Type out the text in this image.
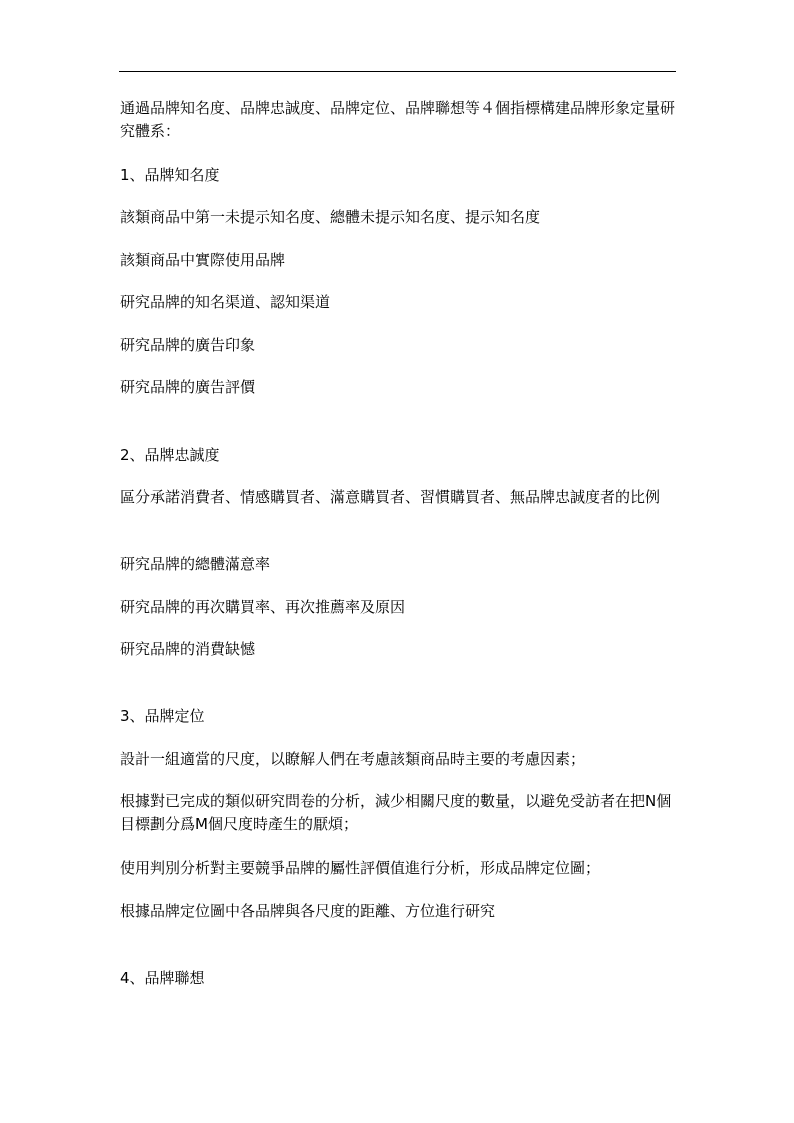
通過品牌知名度、品牌忠誠度、品牌定位、品牌聯想等４個指標構建品牌形象定量研究體系：

1、品牌知名度

該類商品中第一未提示知名度、總體未提示知名度、提示知名度

該類商品中實際使用品牌

研究品牌的知名渠道、認知渠道

研究品牌的廣告印象

研究品牌的廣告評價

2、品牌忠誠度

區分承諾消費者、情感購買者、滿意購買者、習慣購買者、無品牌忠誠度者的比例

研究品牌的總體滿意率

研究品牌的再次購買率、再次推薦率及原因

研究品牌的消費缺憾

3、品牌定位

設計一組適當的尺度，以瞭解人們在考慮該類商品時主要的考慮因素；

根據對已完成的類似研究問卷的分析，減少相關尺度的數量，以避免受訪者在把N個目標劃分爲M個尺度時產生的厭煩；

使用判別分析對主要競爭品牌的屬性評價值進行分析，形成品牌定位圖；

根據品牌定位圖中各品牌與各尺度的距離、方位進行研究

4、品牌聯想
